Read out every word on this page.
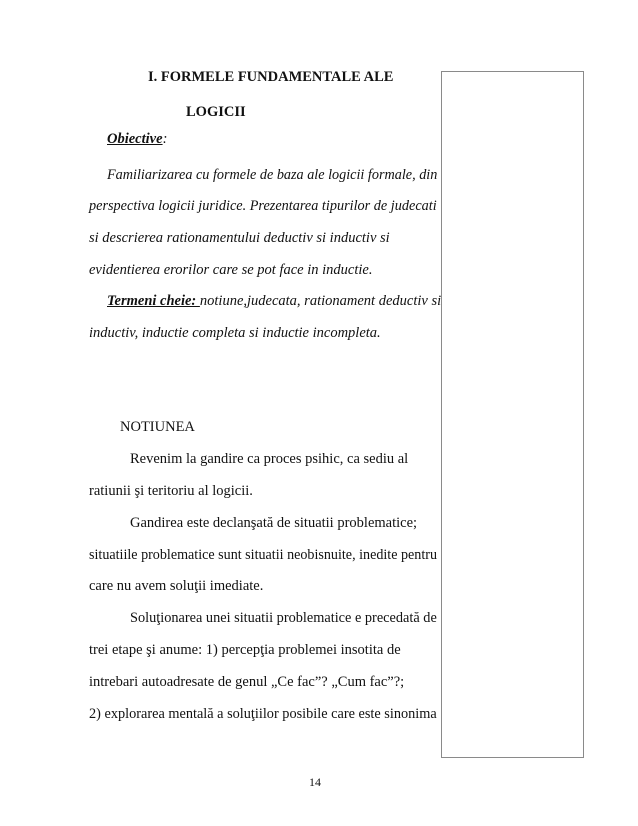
I. FORMELE FUNDAMENTALE ALE
LOGICII
Obiective:
Familiarizarea cu formele de baza ale logicii formale, din
perspectiva logicii juridice. Prezentarea tipurilor de judecati
si descrierea rationamentului deductiv si inductiv si
evidentierea erorilor care se pot face in inductie.
Termeni cheie: notiune,judecata, rationament deductiv si
inductiv, inductie completa si inductie incompleta.
NOTIUNEA
Revenim la gandire ca proces psihic, ca sediu al
ratiunii şi teritoriu al logicii.
Gandirea este declanşată de situatii problematice;
situatiile problematice sunt situatii neobisnuite, inedite pentru
care nu avem soluţii imediate.
Soluţionarea unei situatii problematice e precedată de
trei etape şi anume: 1) percepţia problemei insotita de
intrebari autoadresate de genul „Ce fac”? „Cum fac”?;
2) explorarea mentală a soluţiilor posibile care este sinonima
14
